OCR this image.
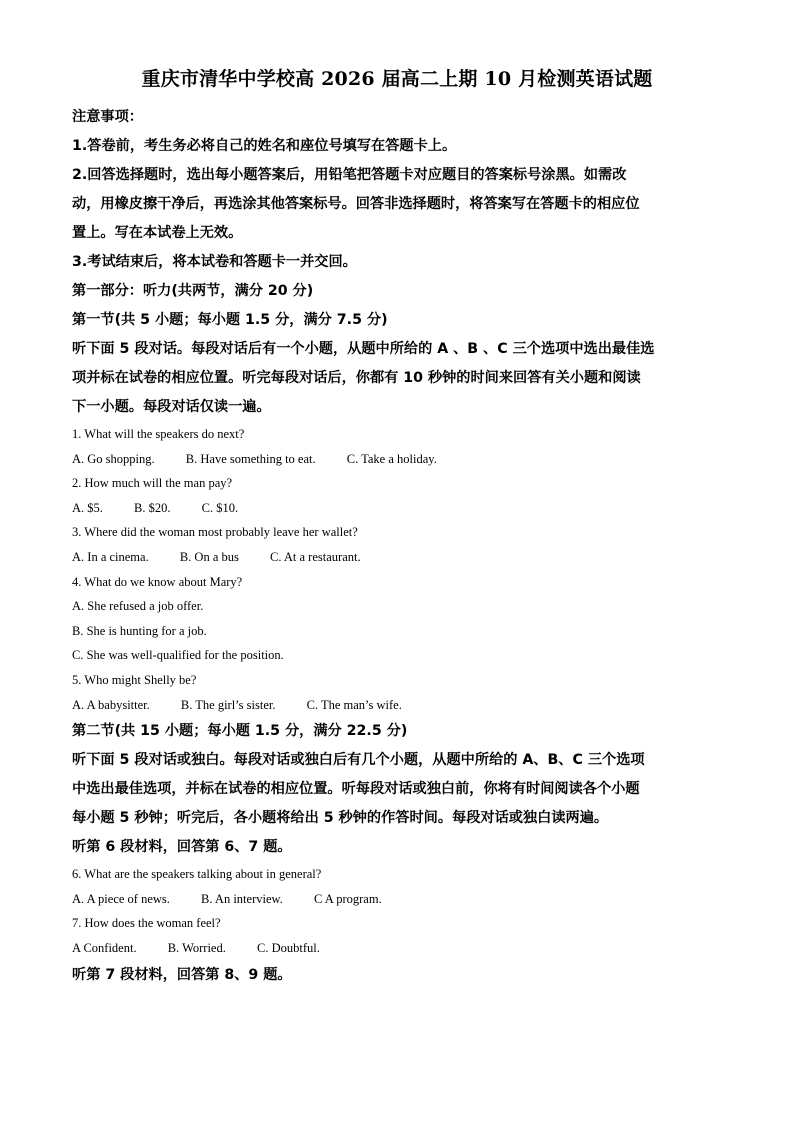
重庆市清华中学校高 2026 届高二上期 10 月检测英语试题

注意事项：

1.答卷前，考生务必将自己的姓名和座位号填写在答题卡上。

2.回答选择题时，选出每小题答案后，用铅笔把答题卡对应题目的答案标号涂黑。如需改

动，用橡皮擦干净后，再选涂其他答案标号。回答非选择题时，将答案写在答题卡的相应位

置上。写在本试卷上无效。

3.考试结束后，将本试卷和答题卡一并交回。

第一部分：听力(共两节，满分 20 分)

第一节(共 5 小题；每小题 1.5 分，满分 7.5 分)

听下面 5 段对话。每段对话后有一个小题，从题中所给的 A 、B 、C 三个选项中选出最佳选

项并标在试卷的相应位置。听完每段对话后，你都有 10 秒钟的时间来回答有关小题和阅读

下一小题。每段对话仅读一遍。

1. What will the speakers do next?

A. Go shopping. B. Have something to eat. C. Take a holiday.

2. How much will the man pay?

A. $5. B. $20. C. $10.

3. Where did the woman most probably leave her wallet?

A. In a cinema. B. On a bus C. At a restaurant.

4. What do we know about Mary?

A. She refused a job offer.

B. She is hunting for a job.

C. She was well-qualified for the position.

5. Who might Shelly be?

A. A babysitter. B. The girl’s sister. C. The man’s wife.

第二节(共 15 小题；每小题 1.5 分，满分 22.5 分)

听下面 5 段对话或独白。每段对话或独白后有几个小题，从题中所给的 A、B、C 三个选项

中选出最佳选项，并标在试卷的相应位置。听每段对话或独白前，你将有时间阅读各个小题

每小题 5 秒钟；听完后，各小题将给出 5 秒钟的作答时间。每段对话或独白读两遍。

听第 6 段材料，回答第 6、7 题。

6. What are the speakers talking about in general?

A. A piece of news. B. An interview. C A program.

7. How does the woman feel?

A Confident. B. Worried. C. Doubtful.

听第 7 段材料，回答第 8、9 题。
